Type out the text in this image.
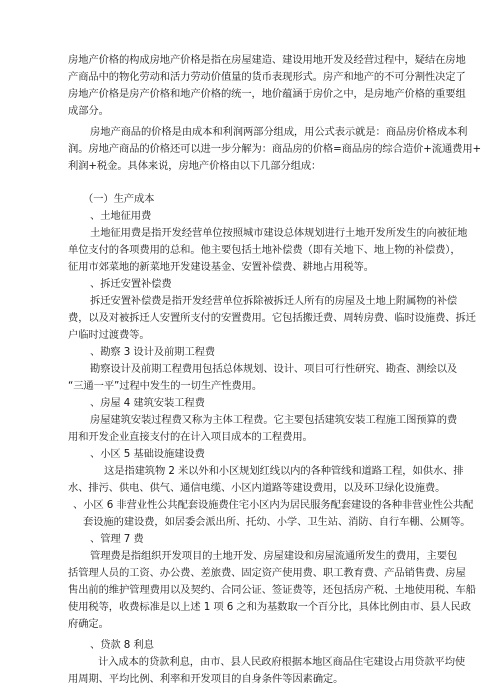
房地产价格的构成房地产价格是指在房屋建造、建设用地开发及经营过程中，疑结在房地

产商品中的物化劳动和活力劳动价值量的货币表现形式。房产和地产的不可分割性决定了

房地产价格是房产价格和地产价格的统一，地价蕴涵于房价之中，是房地产价格的重要组

成部分。

房地产商品的价格是由成本和利润两部分组成，用公式表示就是：商品房价格成本利

润。房地产商品的价格还可以进一步分解为：商品房的价格=商品房的综合造价+流通费用+

利润+税金。具体来说，房地产价格由以下几部分组成：

（一）生产成本

、土地征用费

土地征用费是指开发经营单位按照城市建设总体规划进行土地开发所发生的向被征地

单位支付的各项费用的总和。他主要包括土地补偿费（即有关地下、地上物的补偿费），

征用市郊菜地的新菜地开发建设基金、安置补偿费、耕地占用税等。

、拆迁安置补偿费

拆迁安置补偿费是指开发经营单位拆除被拆迁人所有的房屋及土地上附属物的补偿

费，以及对被拆迁人安置所支付的安置费用。它包括搬迁费、周转房费、临时设施费、拆迁

户临时过渡费等。

、勘察 3 设计及前期工程费

勘察设计及前期工程费用包括总体规划、设计、项目可行性研究、勘查、测绘以及

“三通一平”过程中发生的一切生产性费用。

、房屋 4 建筑安装工程费

房屋建筑安装过程费又称为主体工程费。它主要包括建筑安装工程施工图预算的费

用和开发企业直接支付的在计入项目成本的工程费用。

、小区 5 基础设施建设费

这是指建筑物 2 米以外和小区规划红线以内的各种管线和道路工程，如供水、排

水、排污、供电、供气、通信电缆、小区内道路等建设费用，以及环卫绿化设施费。

、小区 6 非营业性公共配套设施费住宅小区内为居民服务配套建设的各种非营业性公共配

套设施的建设费，如居委会派出所、托幼、小学、卫生站、消防、自行车棚、公厕等。

、管理 7 费

管理费是指组织开发项目的土地开发、房屋建设和房屋流通所发生的费用，主要包

括管理人员的工资、办公费、差旅费、固定资产使用费、职工教育费、产品销售费、房屋

售出前的维护管理费用以及契约、合同公证、签证费等，还包括房产税、土地使用税、车船

使用税等，收费标准是以上述 1 项 6 之和为基数取一个百分比，具体比例由市、县人民政

府确定。

、贷款 8 利息

计入成本的贷款利息，由市、县人民政府根据本地区商品住宅建设占用贷款平均使

用周期、平均比例、利率和开发项目的自身条件等因素确定。
